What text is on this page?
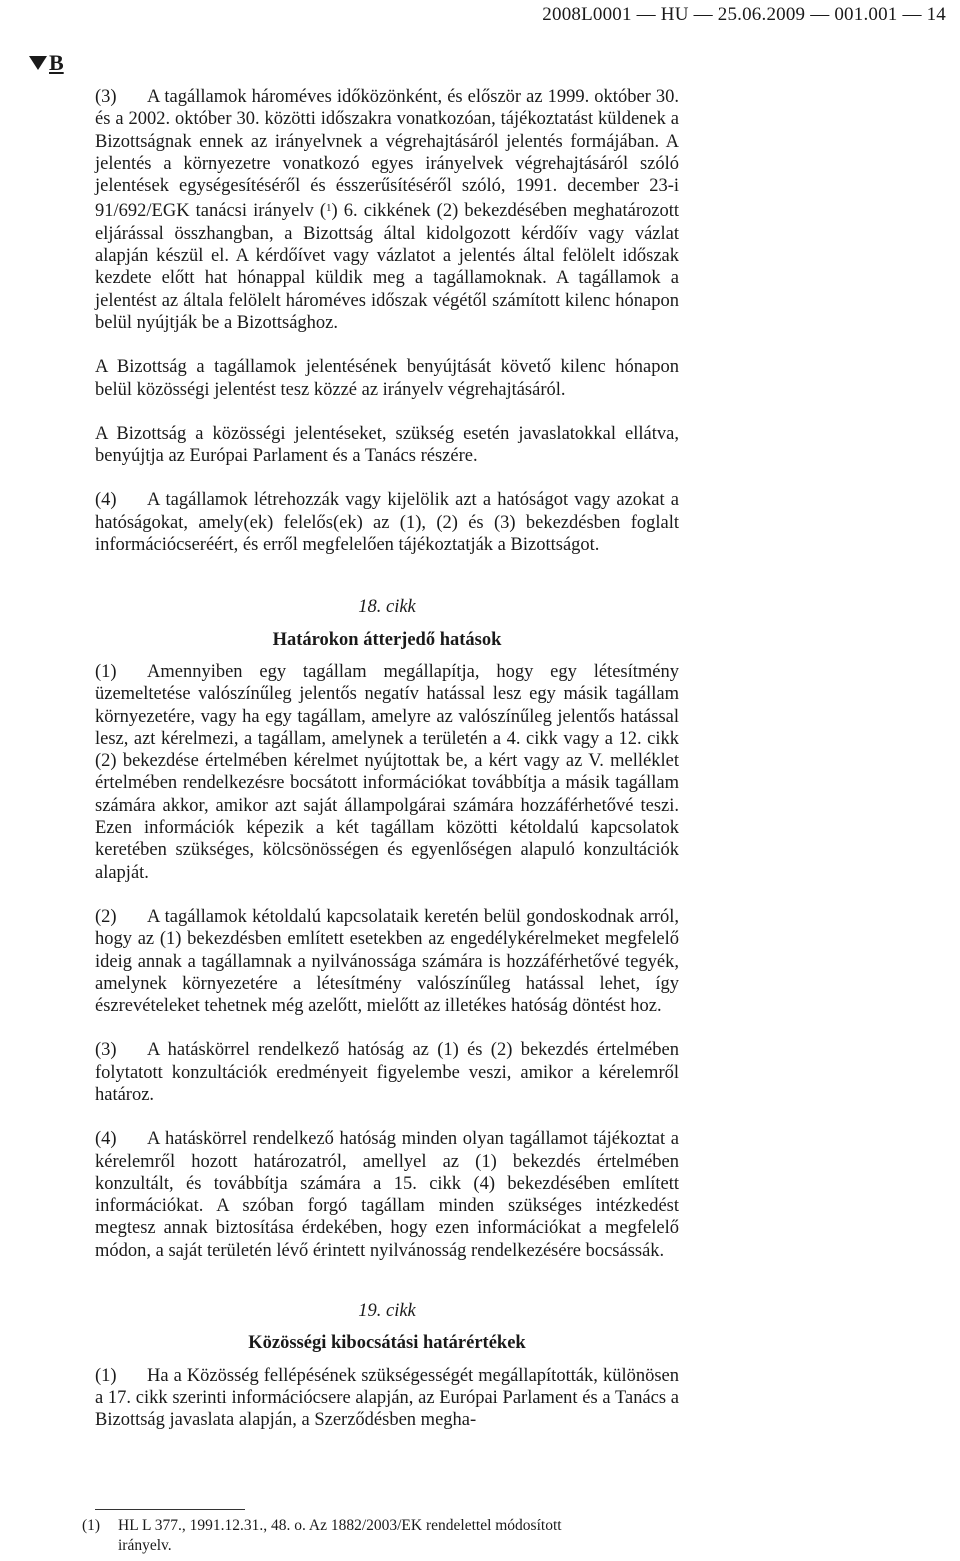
2008L0001 — HU — 25.06.2009 — 001.001 — 14
B

(3) A tagállamok hároméves időközönként, és először az 1999. október 30. és a 2002. október 30. közötti időszakra vonatkozóan, tájékoztatást küldenek a Bizottságnak ennek az irányelvnek a végrehajtásáról jelentés formájában. A jelentés a környezetre vonatkozó egyes irányelvek végrehajtásáról szóló jelentések egységesítéséről és ésszerűsítéséről szóló, 1991. december 23-i 91/692/EGK tanácsi irányelv ($^1$) 6. cikkének (2) bekezdésében meghatározott eljárással összhangban, a Bizottság által kidolgozott kérdőív vagy vázlat alapján készül el. A kérdőívet vagy vázlatot a jelentés által felölelt időszak kezdete előtt hat hónappal küldik meg a tagállamoknak. A tagállamok a jelentést az általa felölelt hároméves időszak végétől számított kilenc hónapon belül nyújtják be a Bizottsághoz.

A Bizottság a tagállamok jelentésének benyújtását követő kilenc hónapon belül közösségi jelentést tesz közzé az irányelv végrehajtásáról.

A Bizottság a közösségi jelentéseket, szükség esetén javaslatokkal ellátva, benyújtja az Európai Parlament és a Tanács részére.

(4) A tagállamok létrehozzák vagy kijelölik azt a hatóságot vagy azokat a hatóságokat, amely(ek) felelős(ek) az (1), (2) és (3) bekezdésben foglalt információcseréért, és erről megfelelően tájékoztatják a Bizottságot.

18. cikk

Határokon átterjedő hatások

(1) Amennyiben egy tagállam megállapítja, hogy egy létesítmény üzemeltetése valószínűleg jelentős negatív hatással lesz egy másik tagállam környezetére, vagy ha egy tagállam, amelyre az valószínűleg jelentős hatással lesz, azt kérelmezi, a tagállam, amelynek a területén a 4. cikk vagy a 12. cikk (2) bekezdése értelmében kérelmet nyújtottak be, a kért vagy az V. melléklet értelmében rendelkezésre bocsátott információkat továbbítja a másik tagállam számára akkor, amikor azt saját állampolgárai számára hozzáférhetővé teszi. Ezen információk képezik a két tagállam közötti kétoldalú kapcsolatok keretében szükséges, kölcsönösségen és egyenlőségen alapuló konzultációk alapját.

(2) A tagállamok kétoldalú kapcsolataik keretén belül gondoskodnak arról, hogy az (1) bekezdésben említett esetekben az engedélykérelmeket megfelelő ideig annak a tagállamnak a nyilvánossága számára is hozzáférhetővé tegyék, amelynek környezetére a létesítmény valószínűleg hatással lehet, így észrevételeket tehetnek még azelőtt, mielőtt az illetékes hatóság döntést hoz.

(3) A hatáskörrel rendelkező hatóság az (1) és (2) bekezdés értelmében folytatott konzultációk eredményeit figyelembe veszi, amikor a kérelemről határoz.

(4) A hatáskörrel rendelkező hatóság minden olyan tagállamot tájékoztat a kérelemről hozott határozatról, amellyel az (1) bekezdés értelmében konzultált, és továbbítja számára a 15. cikk (4) bekezdésében említett információkat. A szóban forgó tagállam minden szükséges intézkedést megtesz annak biztosítása érdekében, hogy ezen információkat a megfelelő módon, a saját területén lévő érintett nyilvánosság rendelkezésére bocsássák.

19. cikk

Közösségi kibocsátási határértékek

(1) Ha a Közösség fellépésének szükségességét megállapították, különösen a 17. cikk szerinti információcsere alapján, az Európai Parlament és a Tanács a Bizottság javaslata alapján, a Szerződésben megha-

(1) HL L 377., 1991.12.31., 48. o. Az 1882/2003/EK rendelettel módosított

irányelv.
